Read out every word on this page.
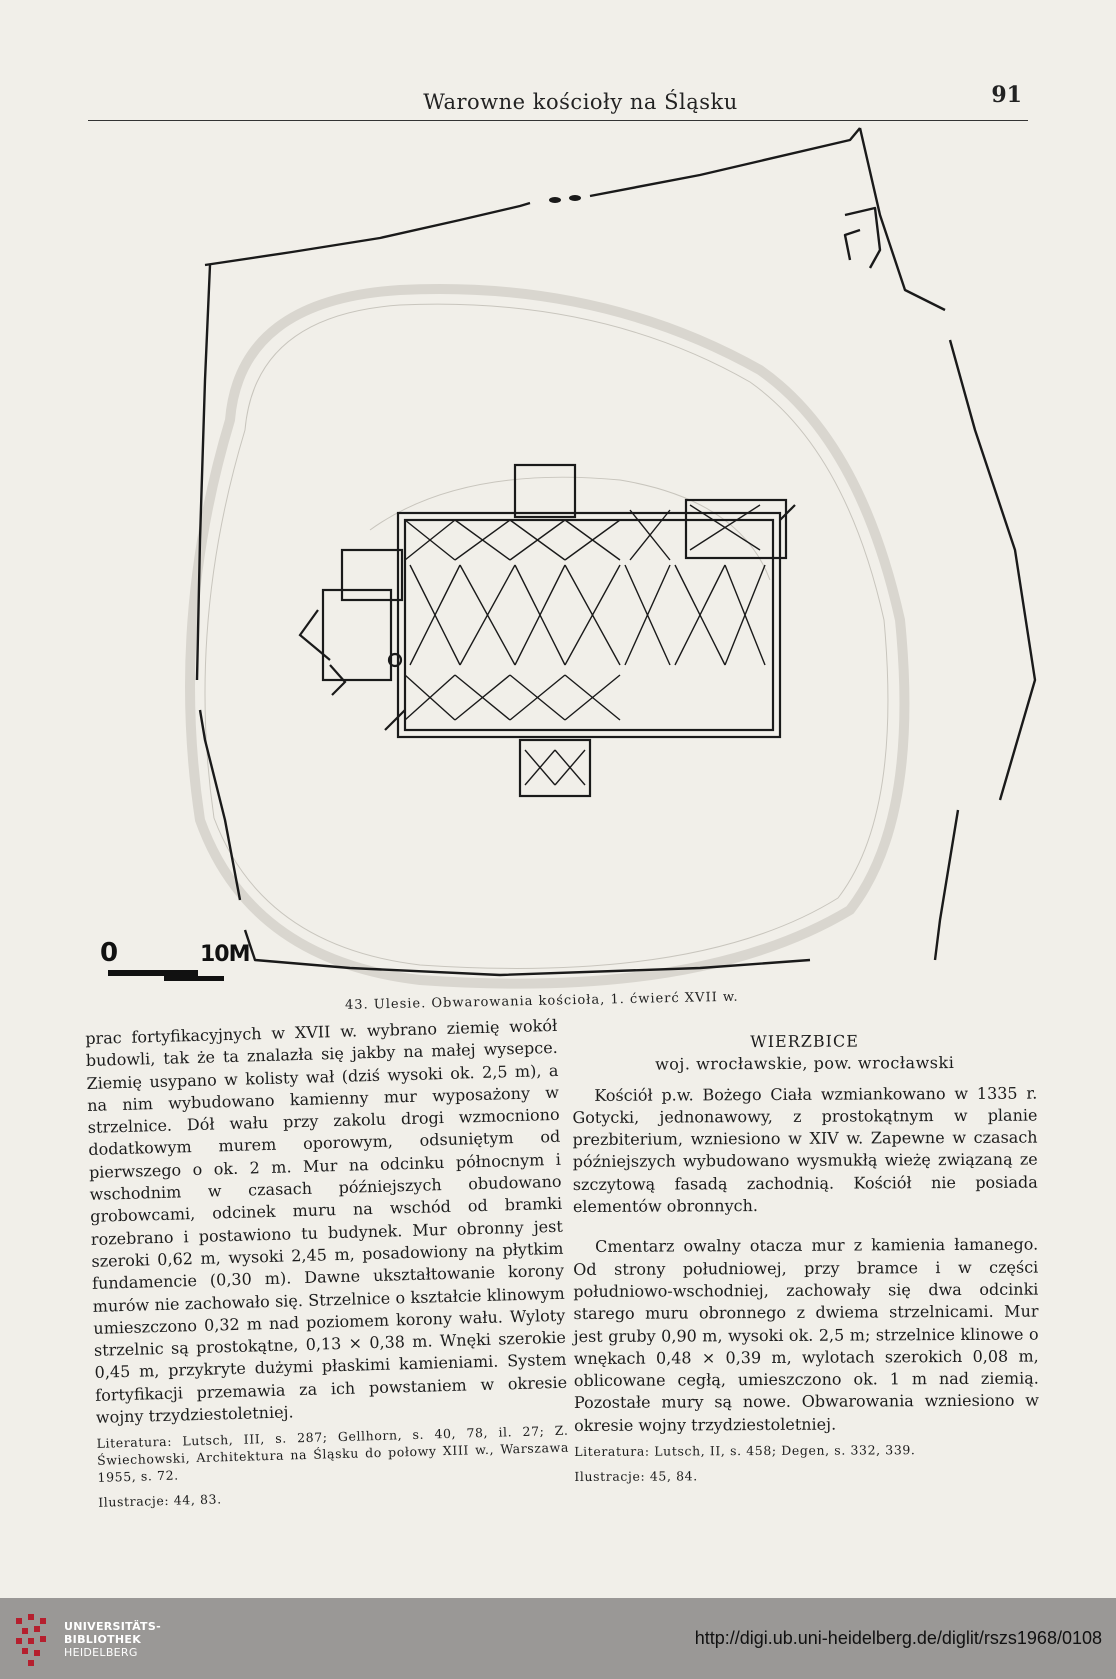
Warowne kościoły na Śląsku	91
0	10M
43. Ulesie. Obwarowania kościoła, 1. ćwierć XVII w.

prac fortyfikacyjnych w XVII w. wybrano ziemię wokół budowli, tak że ta znalazła się jakby na małej wysepce. Ziemię usypano w kolisty wał (dziś wysoki ok. 2,5 m), a na nim wybudowano kamienny mur wyposażony w strzelnice. Dół wału przy zakolu drogi wzmocniono dodatkowym murem oporowym, odsuniętym od pierwszego o ok. 2 m. Mur na odcinku północnym i wschodnim w czasach późniejszych obudowano grobowcami, odcinek muru na wschód od bramki rozebrano i postawiono tu budynek. Mur obronny jest szeroki 0,62 m, wysoki 2,45 m, posadowiony na płytkim fundamencie (0,30 m). Dawne ukształtowanie korony murów nie zachowało się. Strzelnice o kształcie klinowym umieszczono 0,32 m nad poziomem korony wału. Wyloty strzelnic są prostokątne, 0,13 × 0,38 m. Wnęki szerokie 0,45 m, przykryte dużymi płaskimi kamieniami. System fortyfikacji przemawia za ich powstaniem w okresie wojny trzydziestoletniej.

Literatura: Lutsch, III, s. 287; Gellhorn, s. 40, 78, il. 27; Z. Świechowski, Architektura na Śląsku do połowy XIII w., Warszawa 1955, s. 72.

Ilustracje: 44, 83.

WIERZBICE
woj. wrocławskie, pow. wrocławski

Kościół p.w. Bożego Ciała wzmiankowano w 1335 r. Gotycki, jednonawowy, z prostokątnym w planie prezbiterium, wzniesiono w XIV w. Zapewne w czasach późniejszych wybudowano wysmukłą wieżę związaną ze szczytową fasadą zachodnią. Kościół nie posiada elementów obronnych.

Cmentarz owalny otacza mur z kamienia łamanego. Od strony południowej, przy bramce i w części południowo-wschodniej, zachowały się dwa odcinki starego muru obronnego z dwiema strzelnicami. Mur jest gruby 0,90 m, wysoki ok. 2,5 m; strzelnice klinowe o wnękach 0,48 × 0,39 m, wylotach szerokich 0,08 m, oblicowane cegłą, umieszczono ok. 1 m nad ziemią. Pozostałe mury są nowe. Obwarowania wzniesiono w okresie wojny trzydziestoletniej.

Literatura: Lutsch, II, s. 458; Degen, s. 332, 339.

Ilustracje: 45, 84.

UNIVERSITÄTS-
BIBLIOTHEK
HEIDELBERG
http://digi.ub.uni-heidelberg.de/diglit/rszs1968/0108
